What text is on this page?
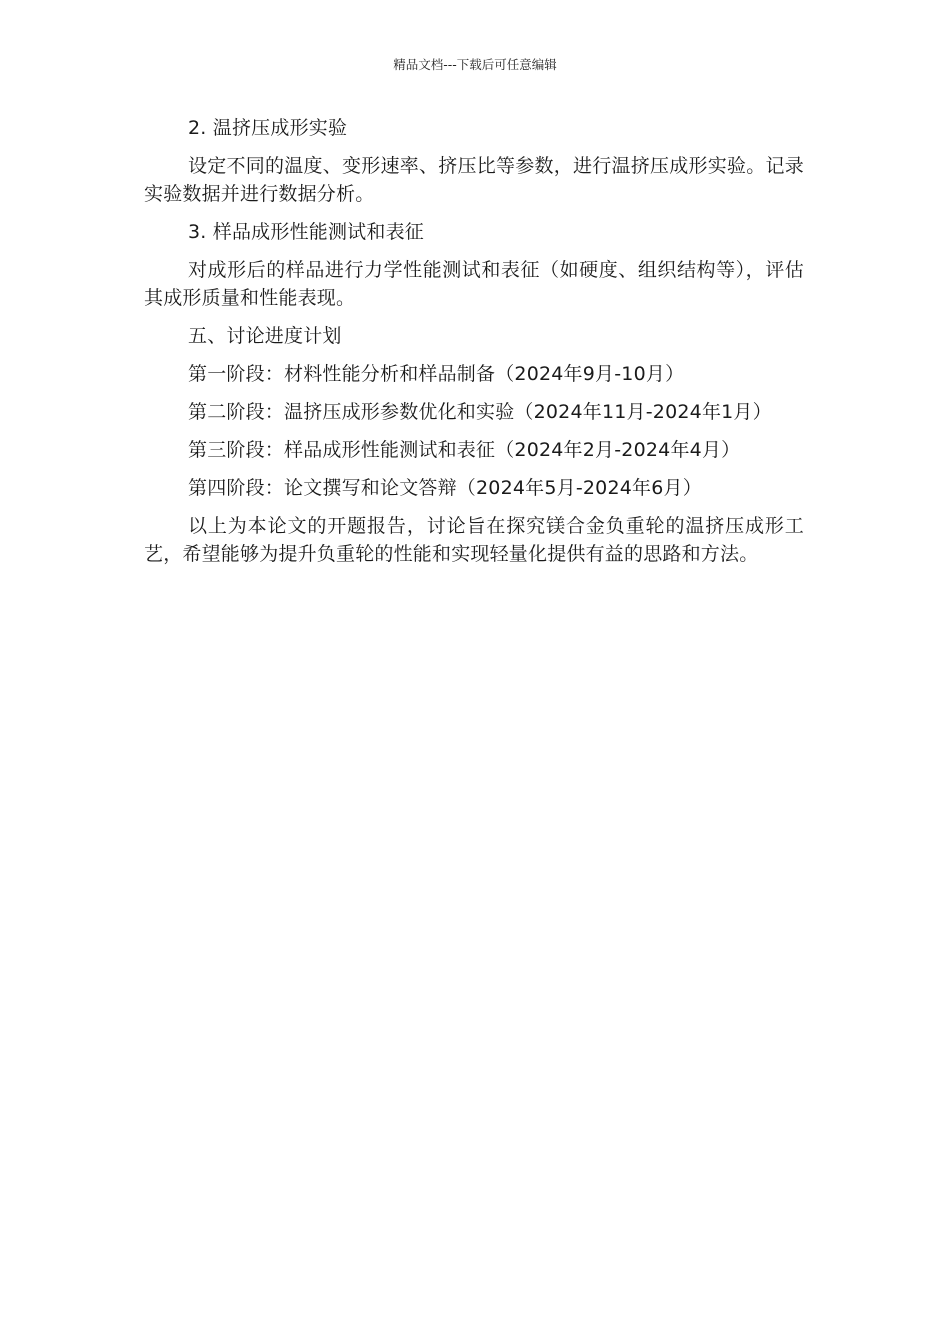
精品文档---下载后可任意编辑

2. 温挤压成形实验

设定不同的温度、变形速率、挤压比等参数，进行温挤压成形实验。记录实验数据并进行数据分析。

3. 样品成形性能测试和表征

对成形后的样品进行力学性能测试和表征（如硬度、组织结构等），评估其成形质量和性能表现。

五、讨论进度计划

第一阶段：材料性能分析和样品制备（2024年9月-10月）

第二阶段：温挤压成形参数优化和实验（2024年11月-2024年1月）

第三阶段：样品成形性能测试和表征（2024年2月-2024年4月）

第四阶段：论文撰写和论文答辩（2024年5月-2024年6月）

以上为本论文的开题报告，讨论旨在探究镁合金负重轮的温挤压成形工艺，希望能够为提升负重轮的性能和实现轻量化提供有益的思路和方法。
